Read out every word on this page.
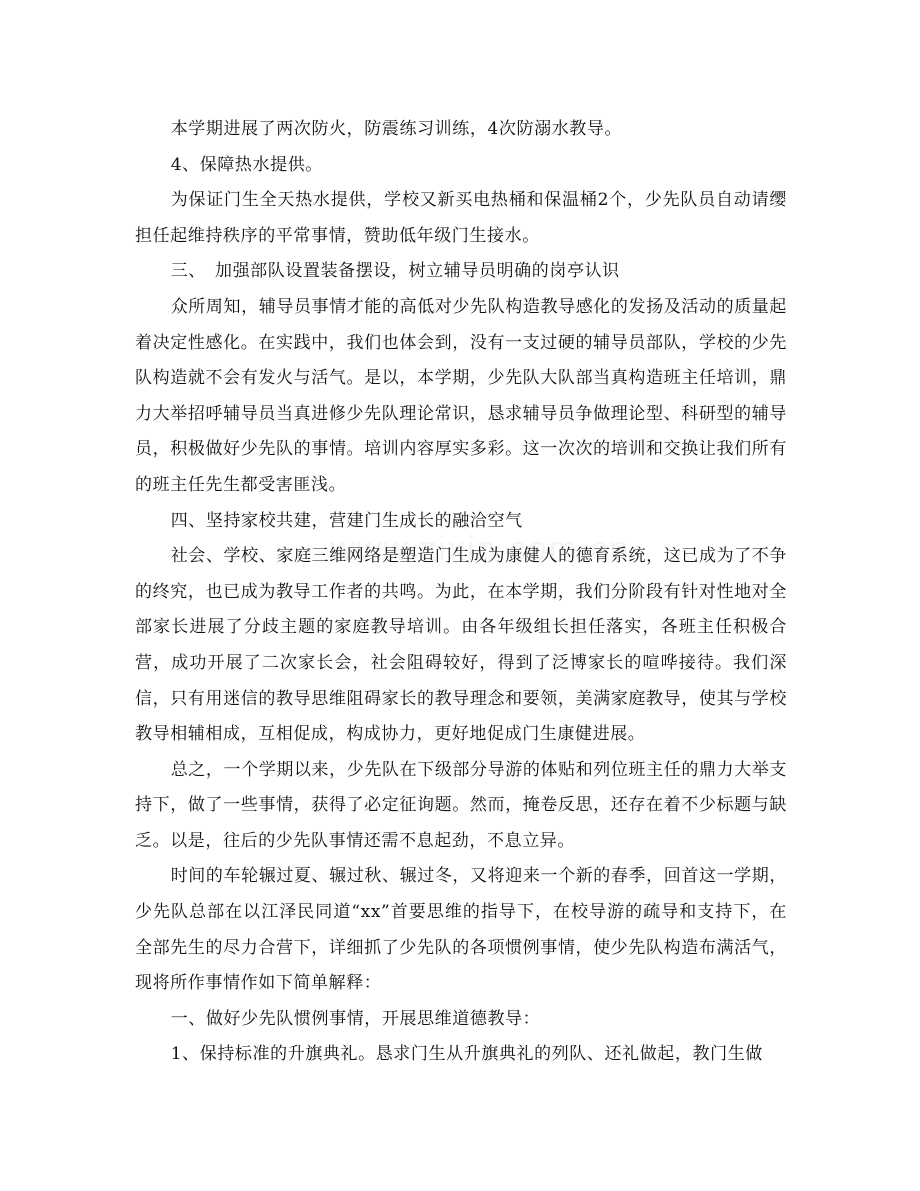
本学期进展了两次防火，防震练习训练，4次防溺水教导。

4、保障热水提供。

为保证门生全天热水提供，学校又新买电热桶和保温桶2个，少先队员自动请缨担任起维持秩序的平常事情，赞助低年级门生接水。

三、　加强部队设置装备摆设，树立辅导员明确的岗亭认识

众所周知，辅导员事情才能的高低对少先队构造教导感化的发扬及活动的质量起着决定性感化。在实践中，我们也体会到，没有一支过硬的辅导员部队，学校的少先队构造就不会有发火与活气。是以，本学期，少先队大队部当真构造班主任培训，鼎力大举招呼辅导员当真进修少先队理论常识，恳求辅导员争做理论型、科研型的辅导员，积极做好少先队的事情。培训内容厚实多彩。这一次次的培训和交换让我们所有的班主任先生都受害匪浅。

四、坚持家校共建，营建门生成长的融洽空气

社会、学校、家庭三维网络是塑造门生成为康健人的德育系统，这已成为了不争的终究，也已成为教导工作者的共鸣。为此，在本学期，我们分阶段有针对性地对全部家长进展了分歧主题的家庭教导培训。由各年级组长担任落实，各班主任积极合营，成功开展了二次家长会，社会阻碍较好，得到了泛博家长的喧哗接待。我们深信，只有用迷信的教导思维阻碍家长的教导理念和要领，美满家庭教导，使其与学校教导相辅相成，互相促成，构成协力，更好地促成门生康健进展。

总之，一个学期以来，少先队在下级部分导游的体贴和列位班主任的鼎力大举支持下，做了一些事情，获得了必定征询题。然而，掩卷反思，还存在着不少标题与缺乏。以是，往后的少先队事情还需不息起劲，不息立异。

时间的车轮辗过夏、辗过秋、辗过冬，又将迎来一个新的春季，回首这一学期，少先队总部在以江泽民同道“xx”首要思维的指导下，在校导游的疏导和支持下，在全部先生的尽力合营下，详细抓了少先队的各项惯例事情，使少先队构造布满活气，现将所作事情作如下简单解释：

一、做好少先队惯例事情，开展思维道德教导：

1、保持标准的升旗典礼。恳求门生从升旗典礼的列队、还礼做起，教门生做
